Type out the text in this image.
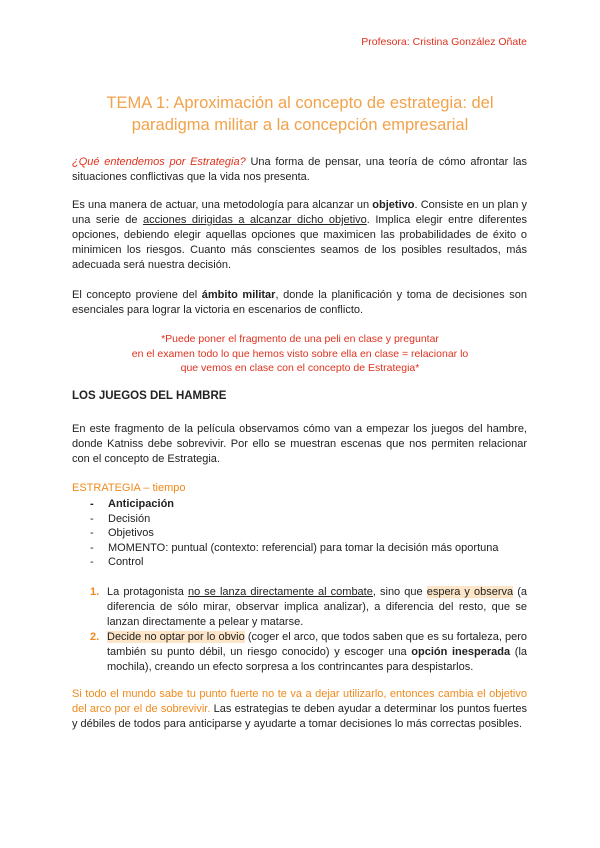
Profesora: Cristina González Oñate
TEMA 1: Aproximación al concepto de estrategia: del
paradigma militar a la concepción empresarial

¿Qué entendemos por Estrategia? Una forma de pensar, una teoría de cómo afrontar las situaciones conflictivas que la vida nos presenta.

Es una manera de actuar, una metodología para alcanzar un objetivo. Consiste en un plan y una serie de acciones dirigidas a alcanzar dicho objetivo. Implica elegir entre diferentes opciones, debiendo elegir aquellas opciones que maximicen las probabilidades de éxito o minimicen los riesgos. Cuanto más conscientes seamos de los posibles resultados, más adecuada será nuestra decisión.

El concepto proviene del ámbito militar, donde la planificación y toma de decisiones son esenciales para lograr la victoria en escenarios de conflicto.

*Puede poner el fragmento de una peli en clase y preguntar
en el examen todo lo que hemos visto sobre ella en clase = relacionar lo
que vemos en clase con el concepto de Estrategia*
LOS JUEGOS DEL HAMBRE

En este fragmento de la película observamos cómo van a empezar los juegos del hambre, donde Katniss debe sobrevivir. Por ello se muestran escenas que nos permiten relacionar con el concepto de Estrategia.

ESTRATEGIA – tiempo
- Anticipación
- Decisión
- Objetivos
- MOMENTO: puntual (contexto: referencial) para tomar la decisión más oportuna
- Control
1. La protagonista no se lanza directamente al combate, sino que espera y observa (a diferencia de sólo mirar, observar implica analizar), a diferencia del resto, que se lanzan directamente a pelear y matarse.
2. Decide no optar por lo obvio (coger el arco, que todos saben que es su fortaleza, pero también su punto débil, un riesgo conocido) y escoger una opción inesperada (la mochila), creando un efecto sorpresa a los contrincantes para despistarlos.

Si todo el mundo sabe tu punto fuerte no te va a dejar utilizarlo, entonces cambia el objetivo del arco por el de sobrevivir. Las estrategias te deben ayudar a determinar los puntos fuertes y débiles de todos para anticiparse y ayudarte a tomar decisiones lo más correctas posibles.
